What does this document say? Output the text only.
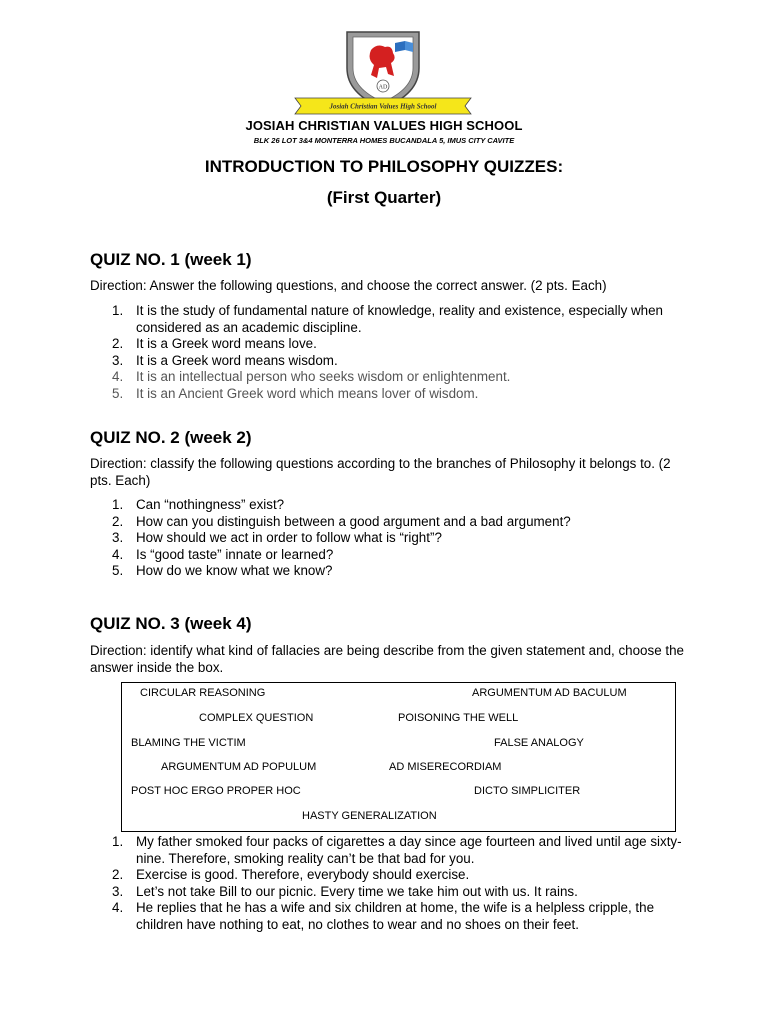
AD
Josiah Christian Values High School
JOSIAH CHRISTIAN VALUES HIGH SCHOOL
BLK 26 LOT 3&4 MONTERRA HOMES BUCANDALA 5, IMUS CITY CAVITE
INTRODUCTION TO PHILOSOPHY QUIZZES:
(First Quarter)
QUIZ NO. 1 (week 1)
Direction: Answer the following questions, and choose the correct answer. (2 pts. Each)
1. It is the study of fundamental nature of knowledge, reality and existence, especially when considered as an academic discipline.
2. It is a Greek word means love.
3. It is a Greek word means wisdom.
4. It is an intellectual person who seeks wisdom or enlightenment.
5. It is an Ancient Greek word which means lover of wisdom.
QUIZ NO. 2 (week 2)
Direction: classify the following questions according to the branches of Philosophy it belongs to. (2 pts. Each)
1. Can “nothingness” exist?
2. How can you distinguish between a good argument and a bad argument?
3. How should we act in order to follow what is “right”?
4. Is “good taste” innate or learned?
5. How do we know what we know?
QUIZ NO. 3 (week 4)
Direction: identify what kind of fallacies are being describe from the given statement and, choose the answer inside the box.
CIRCULAR REASONING	ARGUMENTUM AD BACULUM
COMPLEX QUESTION	POISONING THE WELL
BLAMING THE VICTIM	FALSE ANALOGY
ARGUMENTUM AD POPULUM	AD MISERECORDIAM
POST HOC ERGO PROPER HOC	DICTO SIMPLICITER
HASTY GENERALIZATION
1. My father smoked four packs of cigarettes a day since age fourteen and lived until age sixty-nine. Therefore, smoking reality can’t be that bad for you.
2. Exercise is good. Therefore, everybody should exercise.
3. Let’s not take Bill to our picnic. Every time we take him out with us. It rains.
4. He replies that he has a wife and six children at home, the wife is a helpless cripple, the children have nothing to eat, no clothes to wear and no shoes on their feet.
